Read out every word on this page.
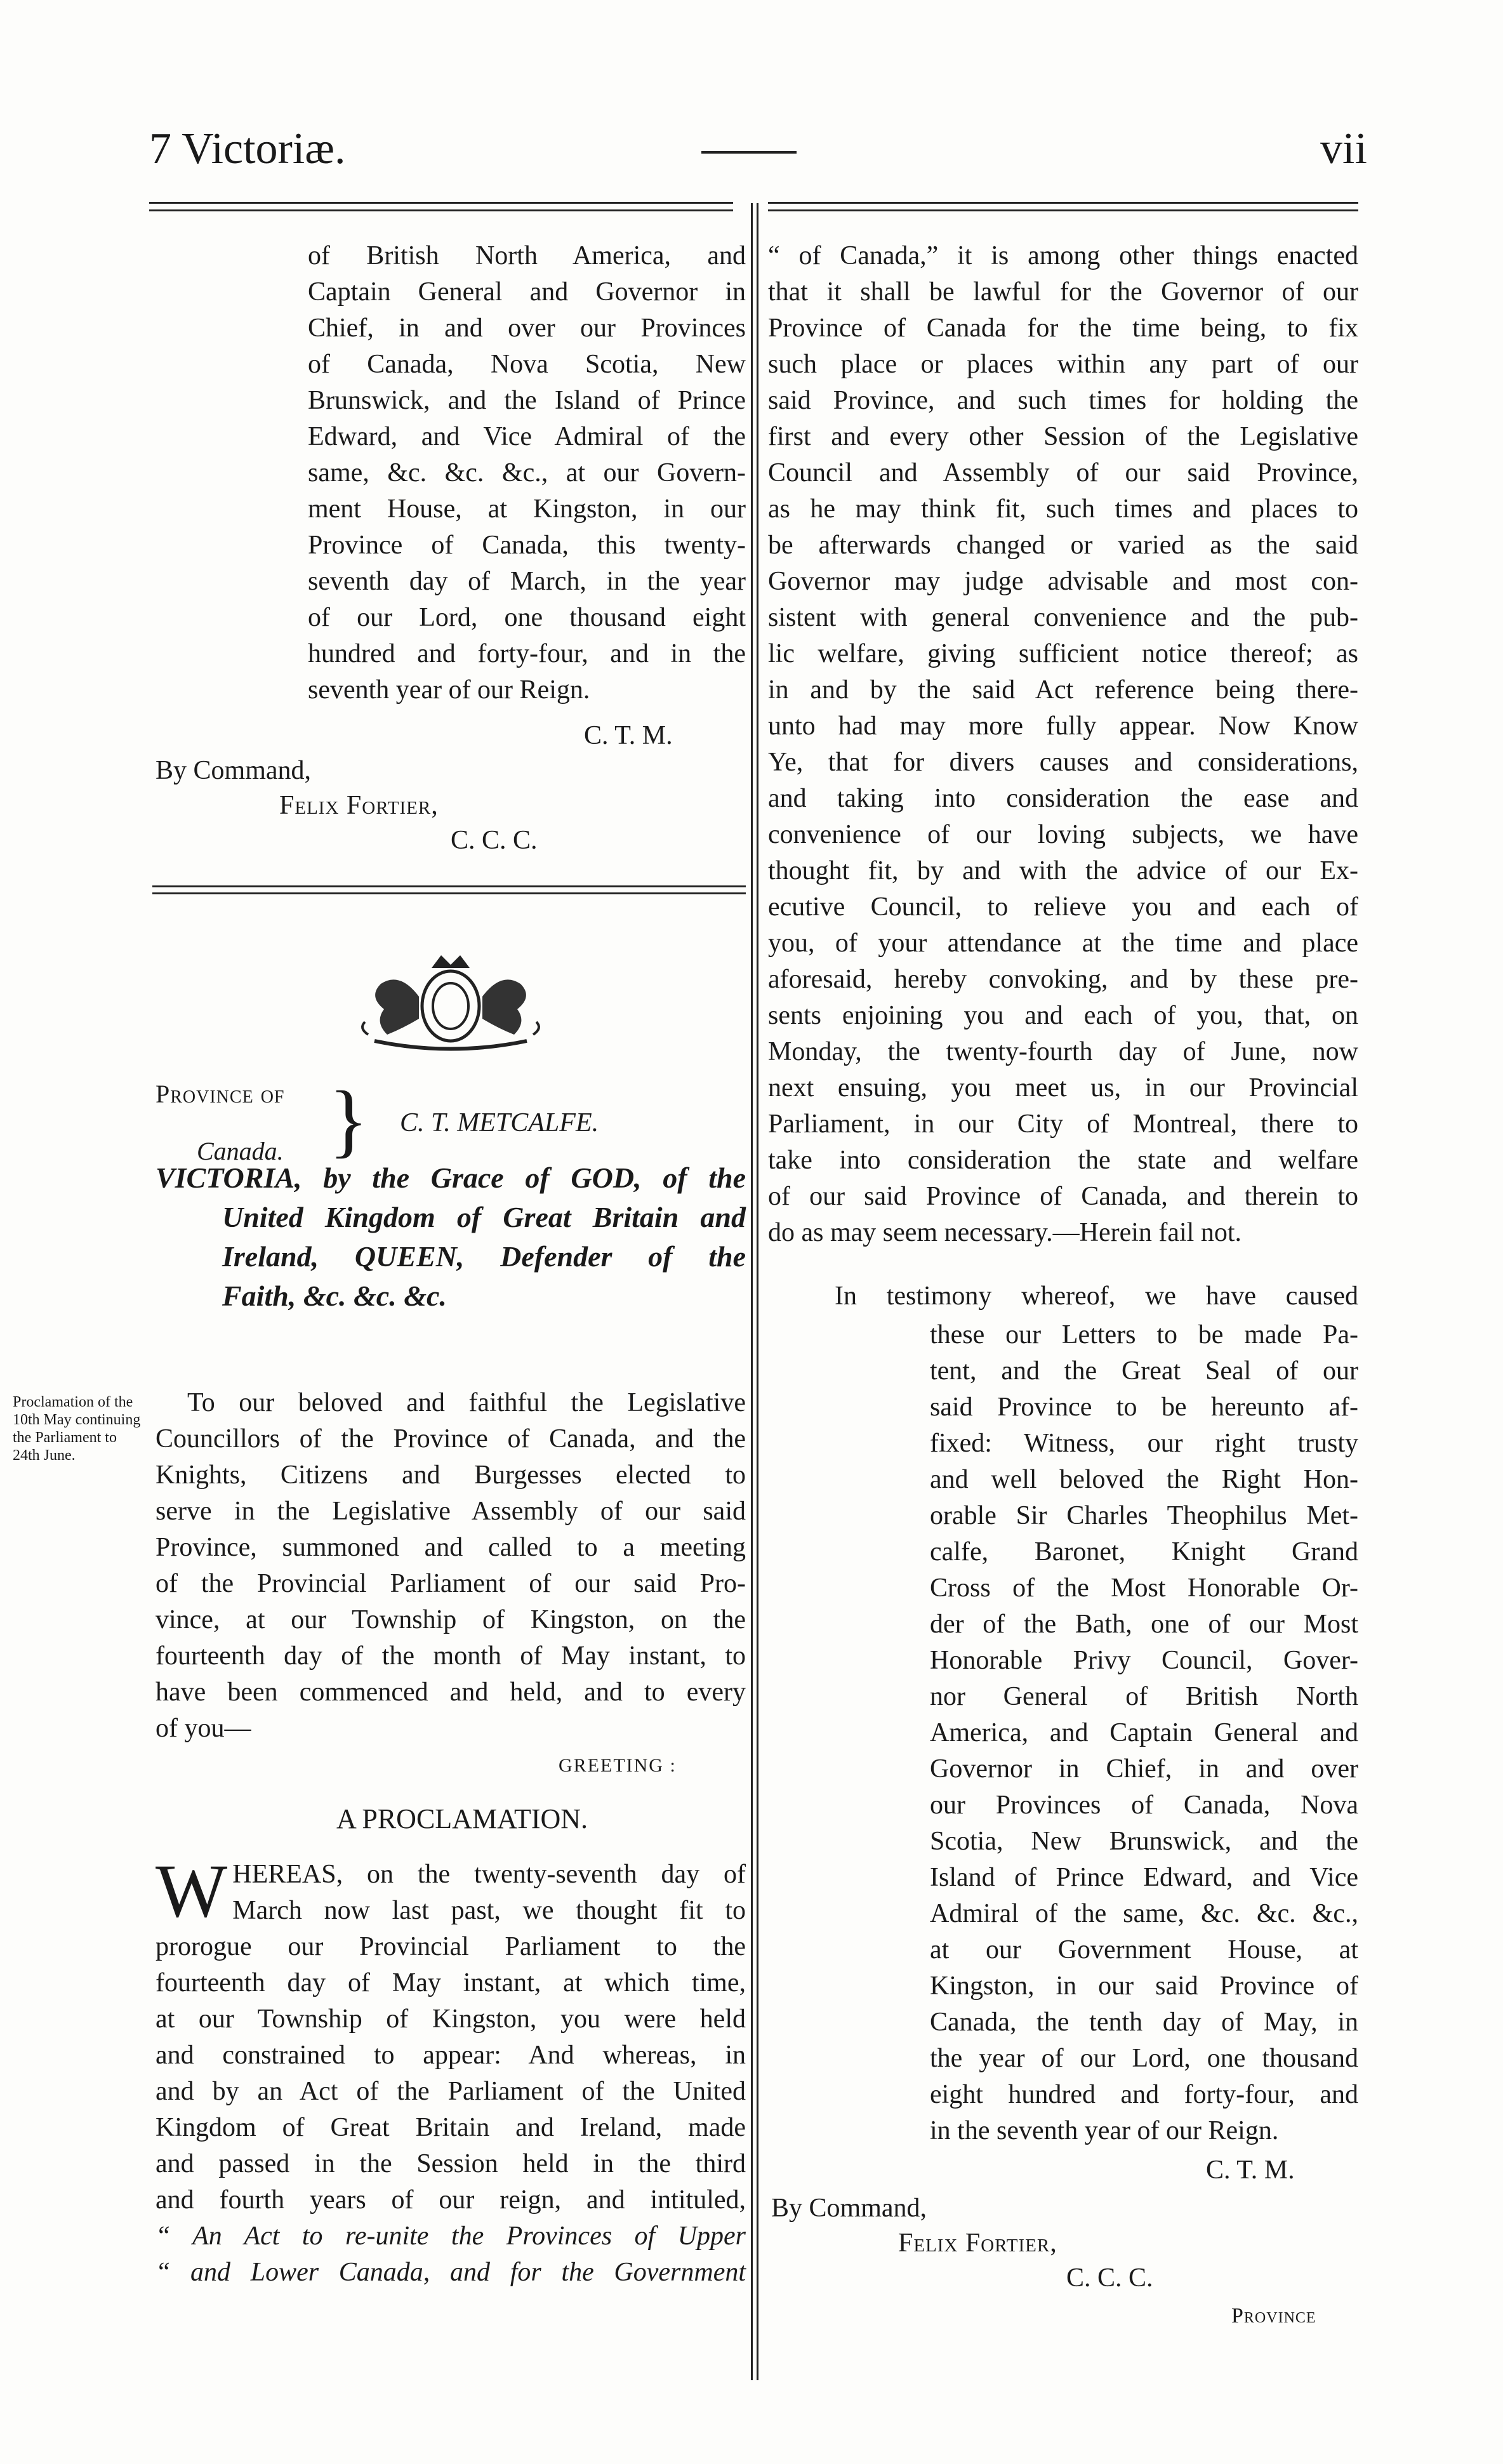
7 Victoriæ.	vii
of British North America, and
Captain General and Governor in
Chief, in and over our Provinces
of Canada, Nova Scotia, New
Brunswick, and the Island of Prince
Edward, and Vice Admiral of the
same, &c. &c. &c., at our Govern-
ment House, at Kingston, in our
Province of Canada, this twenty-
seventh day of March, in the year
of our Lord, one thousand eight
hundred and forty-four, and in the
seventh year of our Reign.
C. T. M.
By Command,
Felix Fortier,
C. C. C.
Province of
Canada. } C. T. METCALFE.
VICTORIA, by the Grace of GOD, of the
United Kingdom of Great Britain and
Ireland, QUEEN, Defender of the
Faith, &c. &c. &c.
Proclamation of the 10th May continuing the Parliament to 24th June.
To our beloved and faithful the Legislative
Councillors of the Province of Canada, and the
Knights, Citizens and Burgesses elected to
serve in the Legislative Assembly of our said
Province, summoned and called to a meeting
of the Provincial Parliament of our said Pro-
vince, at our Township of Kingston, on the
fourteenth day of the month of May instant, to
have been commenced and held, and to every
of you—
GREETING :
A PROCLAMATION.
W HEREAS, on the twenty-seventh day of
March now last past, we thought fit to
prorogue our Provincial Parliament to the
fourteenth day of May instant, at which time,
at our Township of Kingston, you were held
and constrained to appear: And whereas, in
and by an Act of the Parliament of the United
Kingdom of Great Britain and Ireland, made
and passed in the Session held in the third
and fourth years of our reign, and intituled,
“ An Act to re-unite the Provinces of Upper
“ and Lower Canada, and for the Government
“ of Canada,” it is among other things enacted
that it shall be lawful for the Governor of our
Province of Canada for the time being, to fix
such place or places within any part of our
said Province, and such times for holding the
first and every other Session of the Legislative
Council and Assembly of our said Province,
as he may think fit, such times and places to
be afterwards changed or varied as the said
Governor may judge advisable and most con-
sistent with general convenience and the pub-
lic welfare, giving sufficient notice thereof; as
in and by the said Act reference being there-
unto had may more fully appear. Now Know
Ye, that for divers causes and considerations,
and taking into consideration the ease and
convenience of our loving subjects, we have
thought fit, by and with the advice of our Ex-
ecutive Council, to relieve you and each of
you, of your attendance at the time and place
aforesaid, hereby convoking, and by these pre-
sents enjoining you and each of you, that, on
Monday, the twenty-fourth day of June, now
next ensuing, you meet us, in our Provincial
Parliament, in our City of Montreal, there to
take into consideration the state and welfare
of our said Province of Canada, and therein to
do as may seem necessary.—Herein fail not.
In testimony whereof, we have caused
these our Letters to be made Pa-
tent, and the Great Seal of our
said Province to be hereunto af-
fixed: Witness, our right trusty
and well beloved the Right Hon-
orable Sir Charles Theophilus Met-
calfe, Baronet, Knight Grand
Cross of the Most Honorable Or-
der of the Bath, one of our Most
Honorable Privy Council, Gover-
nor General of British North
America, and Captain General and
Governor in Chief, in and over
our Provinces of Canada, Nova
Scotia, New Brunswick, and the
Island of Prince Edward, and Vice
Admiral of the same, &c. &c. &c.,
at our Government House, at
Kingston, in our said Province of
Canada, the tenth day of May, in
the year of our Lord, one thousand
eight hundred and forty-four, and
in the seventh year of our Reign.
C. T. M.
By Command,
Felix Fortier,
C. C. C.
Province
